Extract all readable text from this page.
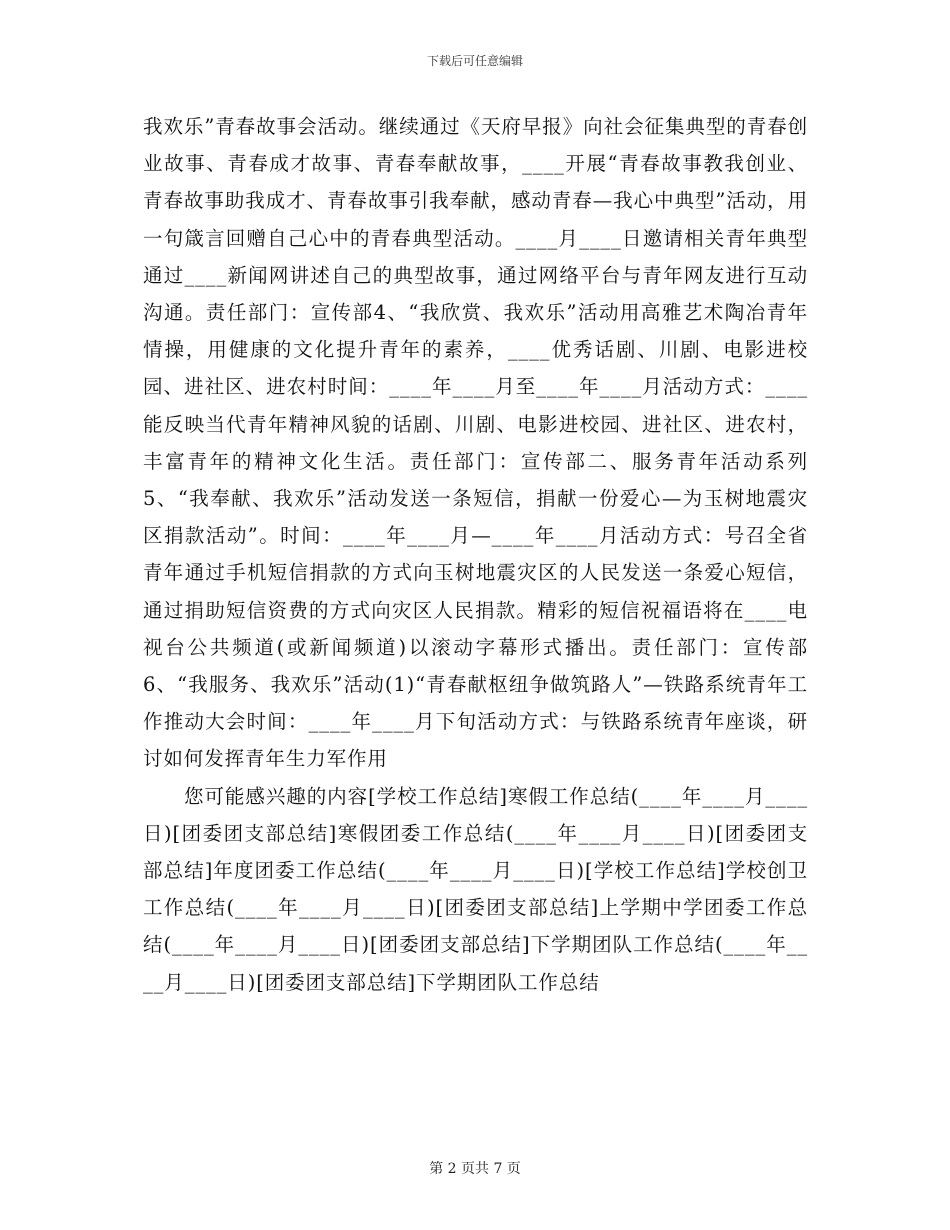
下载后可任意编辑

我欢乐”青春故事会活动。继续通过《天府早报》向社会征集典型的青春创业故事、青春成才故事、青春奉献故事，____开展“青春故事教我创业、青春故事助我成才、青春故事引我奉献，感动青春—我心中典型”活动，用一句箴言回赠自己心中的青春典型活动。____月____日邀请相关青年典型通过____新闻网讲述自己的典型故事，通过网络平台与青年网友进行互动沟通。责任部门：宣传部4、“我欣赏、我欢乐”活动用高雅艺术陶冶青年情操，用健康的文化提升青年的素养，____优秀话剧、川剧、电影进校园、进社区、进农村时间：____年____月至____年____月活动方式：____能反映当代青年精神风貌的话剧、川剧、电影进校园、进社区、进农村，丰富青年的精神文化生活。责任部门：宣传部二、服务青年活动系列5、“我奉献、我欢乐”活动发送一条短信，捐献一份爱心—为玉树地震灾区捐款活动”。时间：____年____月—____年____月活动方式：号召全省青年通过手机短信捐款的方式向玉树地震灾区的人民发送一条爱心短信，通过捐助短信资费的方式向灾区人民捐款。精彩的短信祝福语将在____电视台公共频道(或新闻频道)以滚动字幕形式播出。责任部门：宣传部6、“我服务、我欢乐”活动(1)“青春献枢纽争做筑路人”—铁路系统青年工作推动大会时间：____年____月下旬活动方式：与铁路系统青年座谈，研讨如何发挥青年生力军作用

您可能感兴趣的内容[学校工作总结]寒假工作总结(____年____月____日)[团委团支部总结]寒假团委工作总结(____年____月____日)[团委团支部总结]年度团委工作总结(____年____月____日)[学校工作总结]学校创卫工作总结(____年____月____日)[团委团支部总结]上学期中学团委工作总结(____年____月____日)[团委团支部总结]下学期团队工作总结(____年____月____日)[团委团支部总结]下学期团队工作总结

第 2 页共 7 页
